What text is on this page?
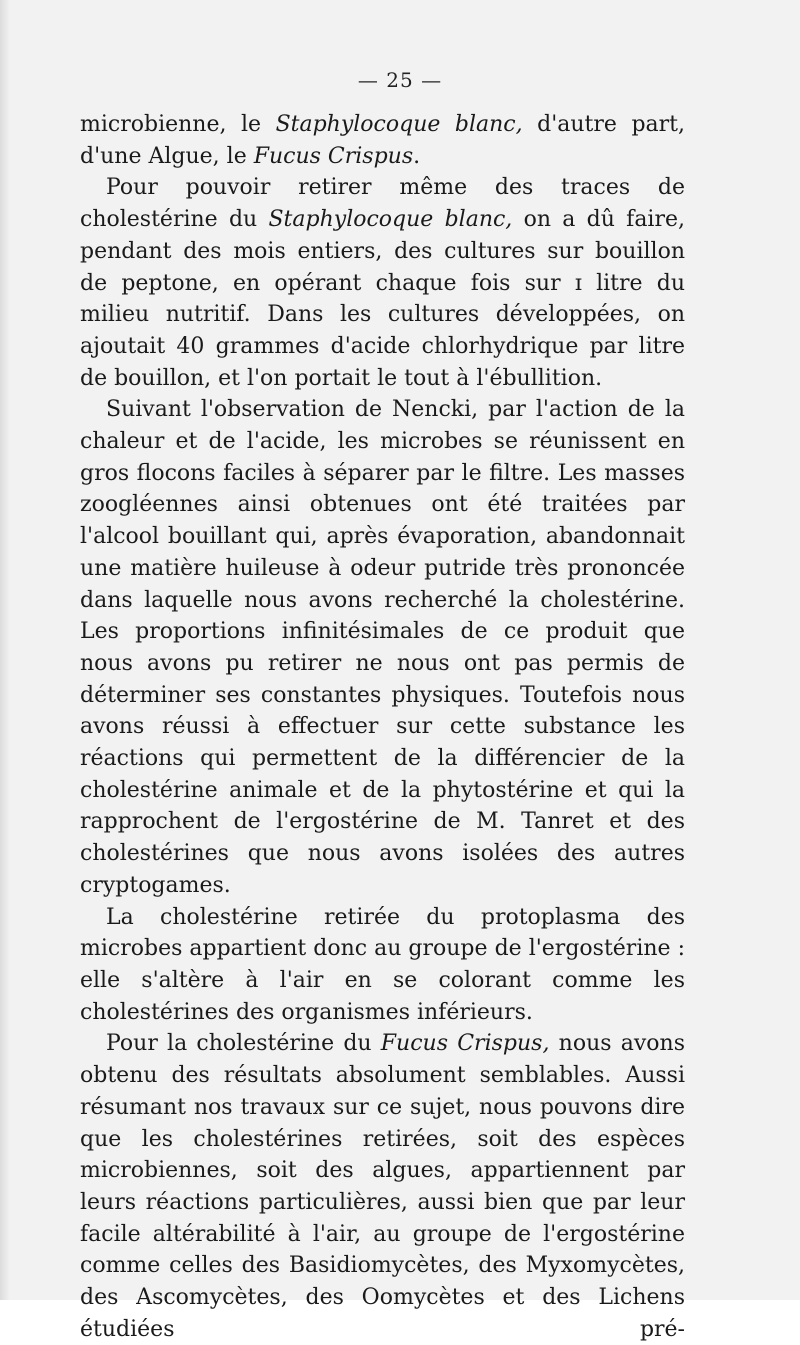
— 25 —

microbienne, le Staphylocoque blanc, d'autre part, d'une Algue, le Fucus Crispus.

Pour pouvoir retirer même des traces de cholestérine du Staphylocoque blanc, on a dû faire, pendant des mois entiers, des cultures sur bouillon de peptone, en opérant chaque fois sur ɪ litre du milieu nutritif. Dans les cultures développées, on ajoutait 40 grammes d'acide chlorhydrique par litre de bouillon, et l'on portait le tout à l'ébullition.

Suivant l'observation de Nencki, par l'action de la chaleur et de l'acide, les microbes se réunissent en gros flocons faciles à séparer par le filtre. Les masses zoogléennes ainsi obtenues ont été traitées par l'alcool bouillant qui, après évaporation, abandonnait une matière huileuse à odeur putride très prononcée dans laquelle nous avons recherché la cholestérine. Les proportions infinitésimales de ce produit que nous avons pu retirer ne nous ont pas permis de déterminer ses constantes physiques. Toutefois nous avons réussi à effectuer sur cette substance les réactions qui permettent de la différencier de la cholestérine animale et de la phytostérine et qui la rapprochent de l'ergostérine de M. Tanret et des cholestérines que nous avons isolées des autres cryptogames.

La cholestérine retirée du protoplasma des microbes appartient donc au groupe de l'ergostérine : elle s'altère à l'air en se colorant comme les cholestérines des organismes inférieurs.

Pour la cholestérine du Fucus Crispus, nous avons obtenu des résultats absolument semblables. Aussi résumant nos travaux sur ce sujet, nous pouvons dire que les cholestérines retirées, soit des espèces microbiennes, soit des algues, appartiennent par leurs réactions particulières, aussi bien que par leur facile altérabilité à l'air, au groupe de l'ergostérine comme celles des Basidiomycètes, des Myxomycètes, des Ascomycètes, des Oomycètes et des Lichens étudiées pré-
